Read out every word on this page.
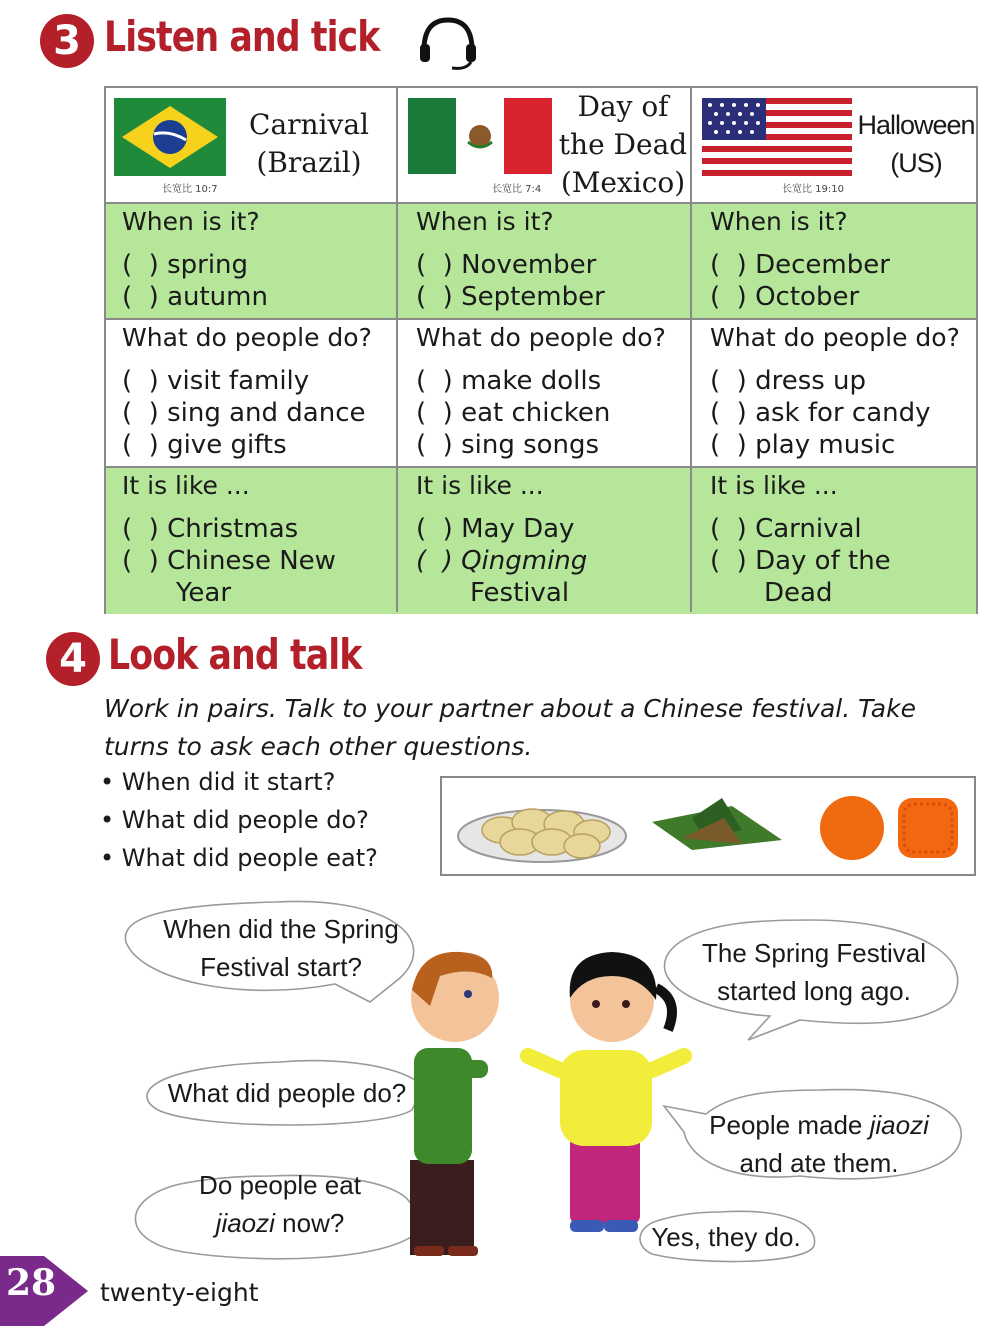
3 Listen and tick
长宽比 10:7
Carnival
(Brazil)
When is it?
(  ) spring
(  ) autumn
What do people do?
(  ) visit family
(  ) sing and dance
(  ) give gifts
It is like ...
(  ) Christmas
(  ) Chinese New
Year
长宽比 7:4
Day of
the Dead
(Mexico)
When is it?
(  ) November
(  ) September
What do people do?
(  ) make dolls
(  ) eat chicken
(  ) sing songs
It is like ...
(  ) May Day
(  ) Qingming
Festival
长宽比 19:10
Halloween
(US)
When is it?
(  ) December
(  ) October
What do people do?
(  ) dress up
(  ) ask for candy
(  ) play music
It is like ...
(  ) Carnival
(  ) Day of the
Dead
4 Look and talk
Work in pairs. Talk to your partner about a Chinese festival. Take
turns to ask each other questions.
• When did it start?
• What did people do?
• What did people eat?
When did the Spring
Festival start?	The Spring Festival
started long ago.
What did people do?
People made jiaozi
and ate them.
Do people eat
jiaozi now?	Yes, they do.
28 twenty-eight
